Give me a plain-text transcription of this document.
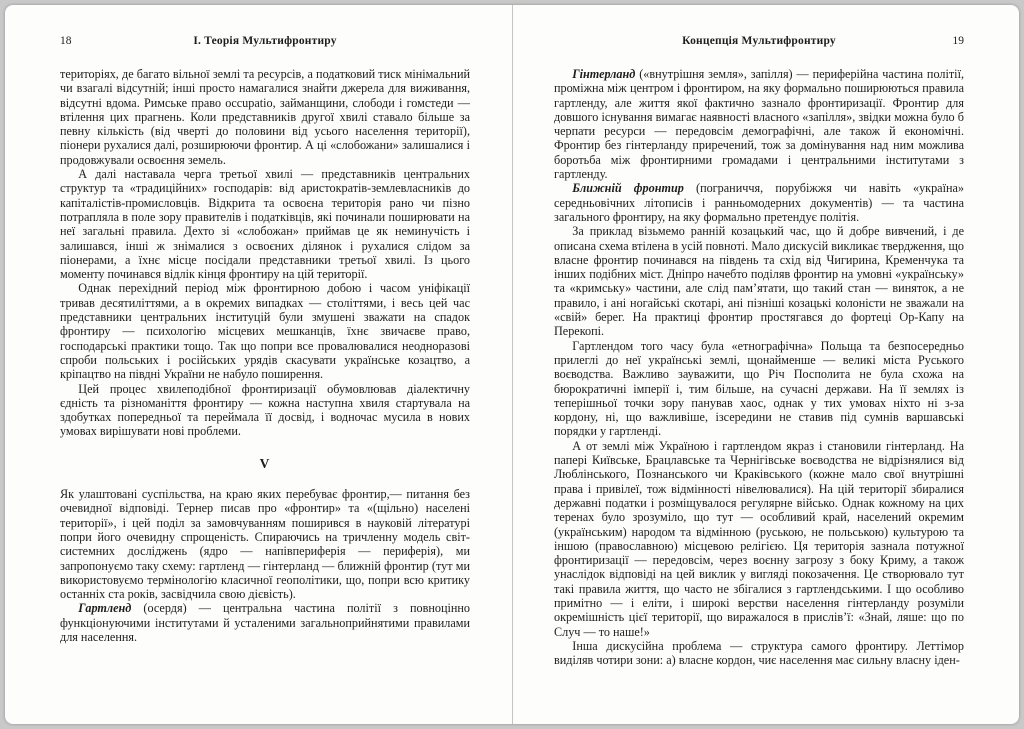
18	І. Теорія Мультифронтиру

територіях, де багато вільної землі та ресурсів, а податковий тиск мінімальний чи взагалі відсутній; інші просто намагалися знайти джерела для виживання, відсутні вдома. Римське право occupatio, займанщини, слободи і гомстеди — втілення цих прагнень. Коли представників другої хвилі ставало більше за певну кількість (від чверті до половини від усього населення території), піонери рухалися далі, розширюючи фронтир. А ці «слобожани» залишалися і продовжували освоєння земель.

А далі наставала черга третьої хвилі — представників центральних структур та «традиційних» господарів: від аристократів-землевласників до капіталістів-промисловців. Відкрита та освоєна територія рано чи пізно потрапляла в поле зору правителів і податківців, які починали поширювати на неї загальні правила. Дехто зі «слобожан» приймав це як неминучість і залишався, інші ж знімалися з освоєних ділянок і рухалися слідом за піонерами, а їхнє місце посідали представники третьої хвилі. Із цього моменту починався відлік кінця фронтиру на цій території.

Однак перехідний період між фронтирною добою і часом уніфікації тривав десятиліттями, а в окремих випадках — століттями, і весь цей час представники центральних інституцій були змушені зважати на спадок фронтиру — психологію місцевих мешканців, їхнє звичаєве право, господарські практики тощо. Так що попри все провалювалися неодноразові спроби польських і російських урядів скасувати українське козацтво, а кріпацтво на півдні України не набуло поширення.

Цей процес хвилеподібної фронтиризації обумовлював діалектичну єдність та різноманіття фронтиру — кожна наступна хвиля стартувала на здобутках попередньої та переймала її досвід, і водночас мусила в нових умовах вирішувати нові проблеми.

V

Як улаштовані суспільства, на краю яких перебуває фронтир,— питання без очевидної відповіді. Тернер писав про «фронтир» та «(щільно) населені території», і цей поділ за замовчуванням поширився в науковій літературі попри його очевидну спрощеність. Спираючись на тричленну модель світ-системних досліджень (ядро — напівпериферія — периферія), ми запропонуємо таку схему: гартленд — гінтерланд — ближній фронтир (тут ми використовуємо термінологію класичної геополітики, що, попри всю критику останніх ста років, засвідчила свою дієвість).

Гартленд (осердя) — центральна частина політії з повноцінно функціонуючими інститутами й усталеними загальноприйнятими правилами для населення.

Концепція Мультифронтиру	19

Гінтерланд («внутрішня земля», запілля) — периферійна частина політії, проміжна між центром і фронтиром, на яку формально поширюються правила гартленду, але життя якої фактично зазнало фронтиризації. Фронтир для довшого існування вимагає наявності власного «запілля», звідки можна було б черпати ресурси — передовсім демографічні, але також й економічні. Фронтир без гінтерланду приречений, тож за домінування над ним можлива боротьба між фронтирними громадами і центральними інститутами з гартленду.

Ближній фронтир (пограниччя, порубіжжя чи навіть «україна» середньовічних літописів і ранньомодерних документів) — та частина загального фронтиру, на яку формально претендує політія.

За приклад візьмемо ранній козацький час, що й добре вивчений, і де описана схема втілена в усій повноті. Мало дискусій викликає твердження, що власне фронтир починався на південь та схід від Чигирина, Кременчука та інших подібних міст. Дніпро начебто поділяв фронтир на умовні «українську» та «кримську» частини, але слід памʼятати, що такий стан — виняток, а не правило, і ані ногайські скотарі, ані пізніші козацькі колоністи не зважали на «свій» берег. На практиці фронтир простягався до фортеці Ор-Капу на Перекопі.

Гартлендом того часу була «етнографічна» Польща та безпосередньо прилеглі до неї українські землі, щонайменше — великі міста Руського воєводства. Важливо зауважити, що Річ Посполита не була схожа на бюрократичні імперії і, тим більше, на сучасні держави. На її землях із теперішньої точки зору панував хаос, однак у тих умовах ніхто ні з-за кордону, ні, що важливіше, ізсередини не ставив під сумнів варшавські порядки у гартленді.

А от землі між Україною і гартлендом якраз і становили гінтерланд. На папері Київське, Брацлавське та Чернігівське воєводства не відрізнялися від Люблінського, Познанського чи Краківського (кожне мало свої внутрішні права і привілеї, тож відмінності нівелювалися). На цій території збиралися державні податки і розміщувалося регулярне військо. Однак кожному на цих теренах було зрозуміло, що тут — особливий край, населений окремим (українським) народом та відмінною (руською, не польською) культурою та іншою (православною) місцевою релігією. Ця територія зазнала потужної фронтиризації — передовсім, через воєнну загрозу з боку Криму, а також унаслідок відповіді на цей виклик у вигляді покозачення. Це створювало тут такі правила життя, що часто не збігалися з гартлендськими. І що особливо примітно — і еліти, і широкі верстви населення гінтерланду розуміли окремішність цієї території, що виражалося в прислівʼї: «Знай, ляше: що по Случ — то наше!»

Інша дискусійна проблема — структура самого фронтиру. Леттімор виділяв чотири зони: а) власне кордон, чиє населення має сильну власну іден-
